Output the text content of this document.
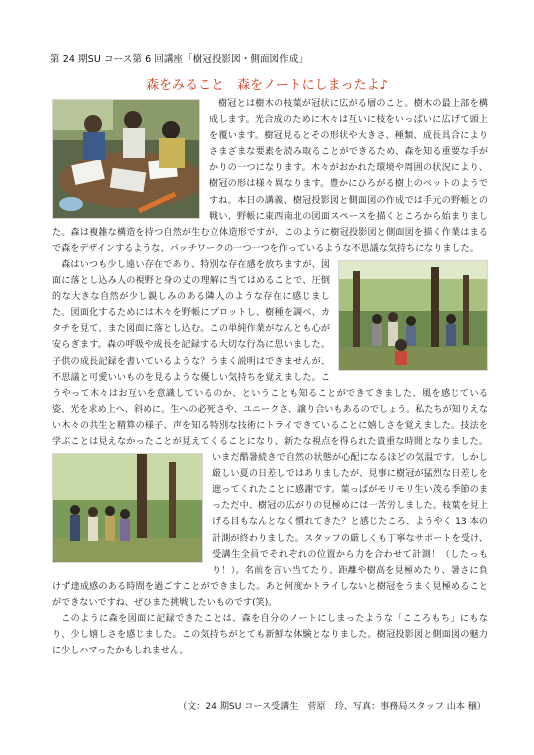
第 24 期SU コース第 6 回講座「樹冠投影図・側面図作成」
森をみること　森をノートにしまったよ♪

樹冠とは樹木の枝葉が冠状に広がる層のこと。樹木の最上部を構成します。光合成のために木々は互いに枝をいっぱいに広げて頭上を覆います。樹冠見るとその形状や大きさ、種類、成長具合によりさまざまな要素を読み取ることができるため、森を知る重要な手がかりの一つになります。木々がおかれた環境や周囲の状況により、樹冠の形は様々異なります。豊かにひろがる樹上のベットのようですね。本日の講義、樹冠投影図と側面図の作成では手元の野帳との戦い、野帳に東西南北の図面スペースを描くところから始まりました。森は複雑な構造を持つ自然が生む立体造形ですが、このように樹冠投影図と側面図を描く作業はまるで森をデザインするような、パッチワークの一つ一つを作っているような不思議な気持ちになりました。

森はいつも少し遠い存在であり、特別な存在感を放ちますが、図面に落とし込み人の視野と身の丈の理解に当てはめることで、圧倒的な大きな自然が少し親しみのある隣人のような存在に感じました。図面化するためには木々を野帳にプロットし、樹種を調べ、カタチを見て、また図面に落とし込む。この単純作業がなんとも心が安らぎます。森の呼吸や成長を記録する大切な行為に思いました。子供の成長記録を書いているような？うまく説明はできませんが、不思議と可愛いいものを見るような優しい気持ちを覚えました。こうやって木々はお互いを意識しているのか、ということも知ることができてきました、風を感じている姿、光を求め上へ、斜めに。生への必死さや、ユニークさ、譲り合いもあるのでしょう。私たちが知りえない木々の共生と精算の様子、声を知る特別な技術にトライできていることに嬉しさを覚えました。技法を学ぶことは見えなかったことが見えてくることになり、新たな視点を得
られた貴重な時間となりました。いまだ酷暑続きで自然の状態が心配になるほどの気温です。しかし厳しい夏の日差しではありましたが、見事に樹冠が猛烈な日差しを遮ってくれたことに感謝です。葉っぱがモリモリ生い茂る季節のまっただ中、樹冠の広がりの見極めには一苦労しました。枝葉を見上げる目もなんとなく慣れてきた？と感じたころ、ようやく 13 本の計測が終わりました。スタッフの厳しくも丁寧なサポートを受け、受講生全員でそれぞれの位置から力を合わせて計測！（したっもり！）。名前を言い当てたり、距離や樹高を見極めたり、暑さに負けず達成感のある時間を過ごすことができました。あと何度かトライしないと樹冠をうまく見極めることができないですね、ぜひまた挑戦したいものです(笑)。

このように森を図面に記録できたことは、森を自分のノートにしまったような「こころもち」にもなり、少し嬉しさを感じました。この気持ちがとても新鮮な体験となりました。樹冠投影図と側面図の魅力に少しハマったかもしれません。

（文：24 期SU コース受講生　菅原　玲、写真：事務局スタッフ 山本 穣）
